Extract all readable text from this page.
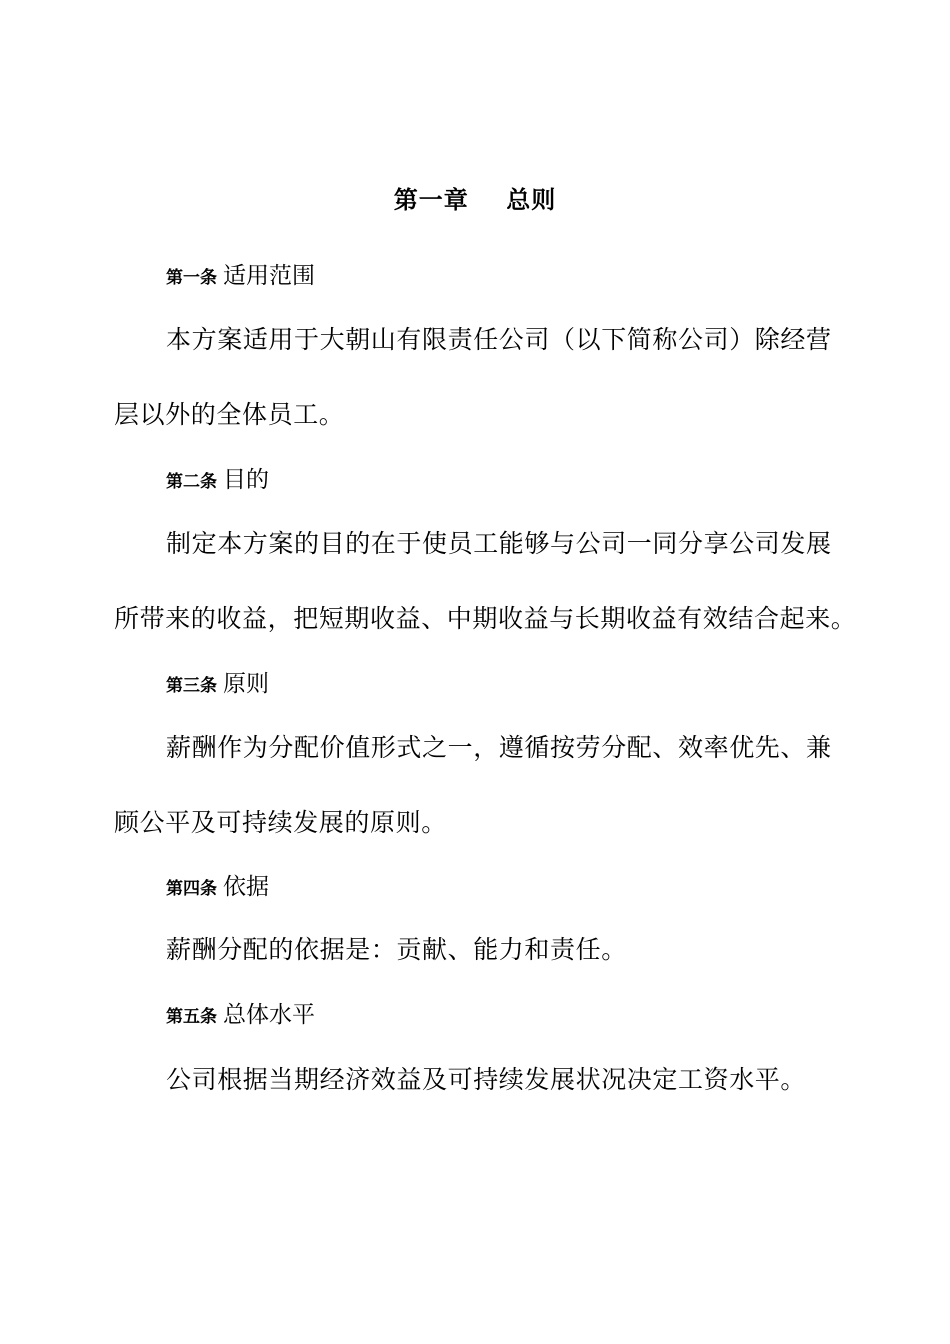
第一章    总则
第一条 适用范围
本方案适用于大朝山有限责任公司（以下简称公司）除经营
层以外的全体员工。
第二条 目的
制定本方案的目的在于使员工能够与公司一同分享公司发展
所带来的收益，把短期收益、中期收益与长期收益有效结合起来。
第三条 原则
薪酬作为分配价值形式之一，遵循按劳分配、效率优先、兼
顾公平及可持续发展的原则。
第四条 依据
薪酬分配的依据是：贡献、能力和责任。
第五条 总体水平
公司根据当期经济效益及可持续发展状况决定工资水平。
